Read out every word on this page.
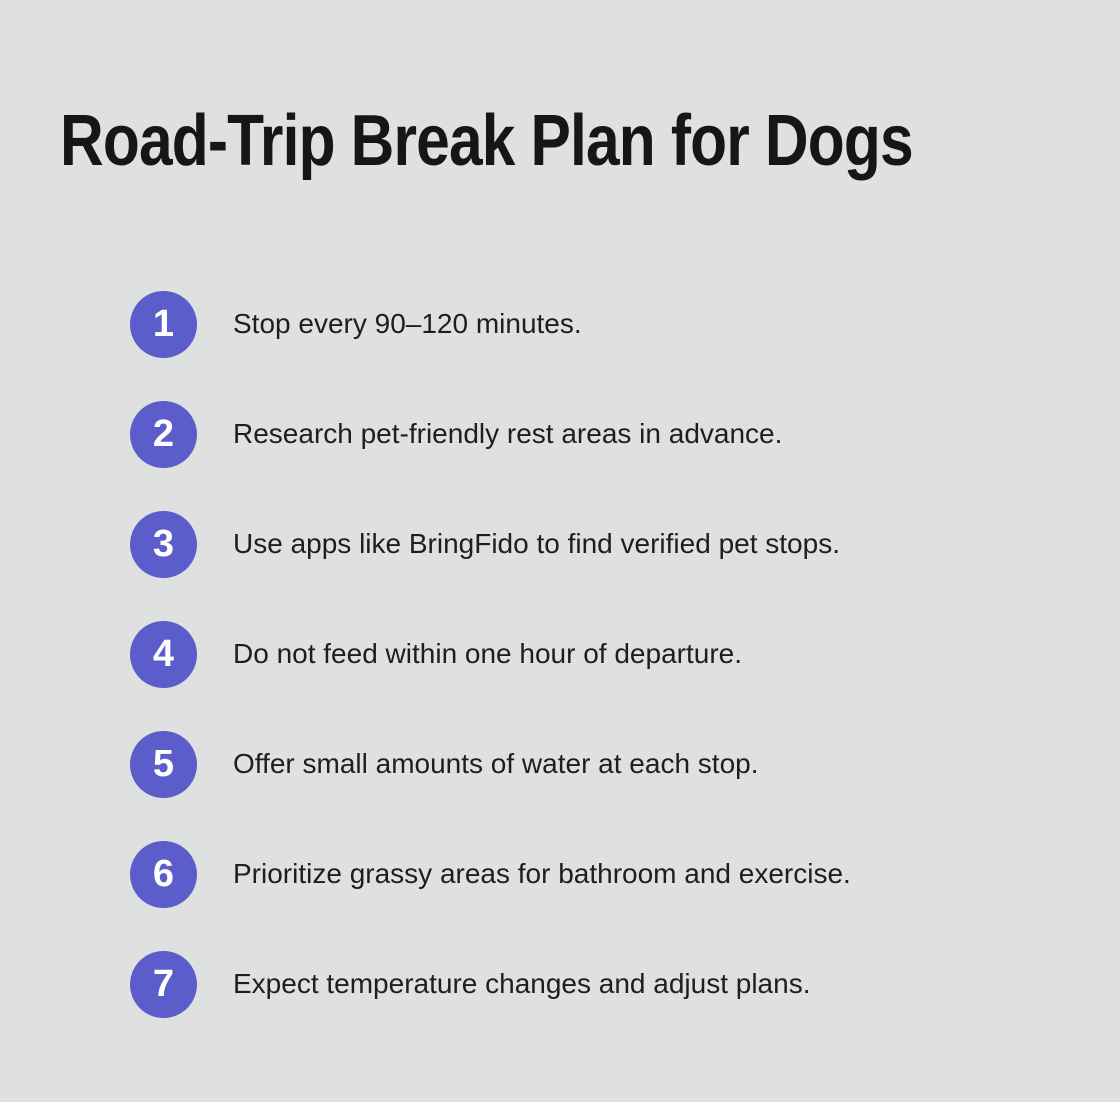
Road-Trip Break Plan for Dogs
1	Stop every 90–120 minutes.
2	Research pet-friendly rest areas in advance.
3	Use apps like BringFido to find verified pet stops.
4	Do not feed within one hour of departure.
5	Offer small amounts of water at each stop.
6	Prioritize grassy areas for bathroom and exercise.
7	Expect temperature changes and adjust plans.
